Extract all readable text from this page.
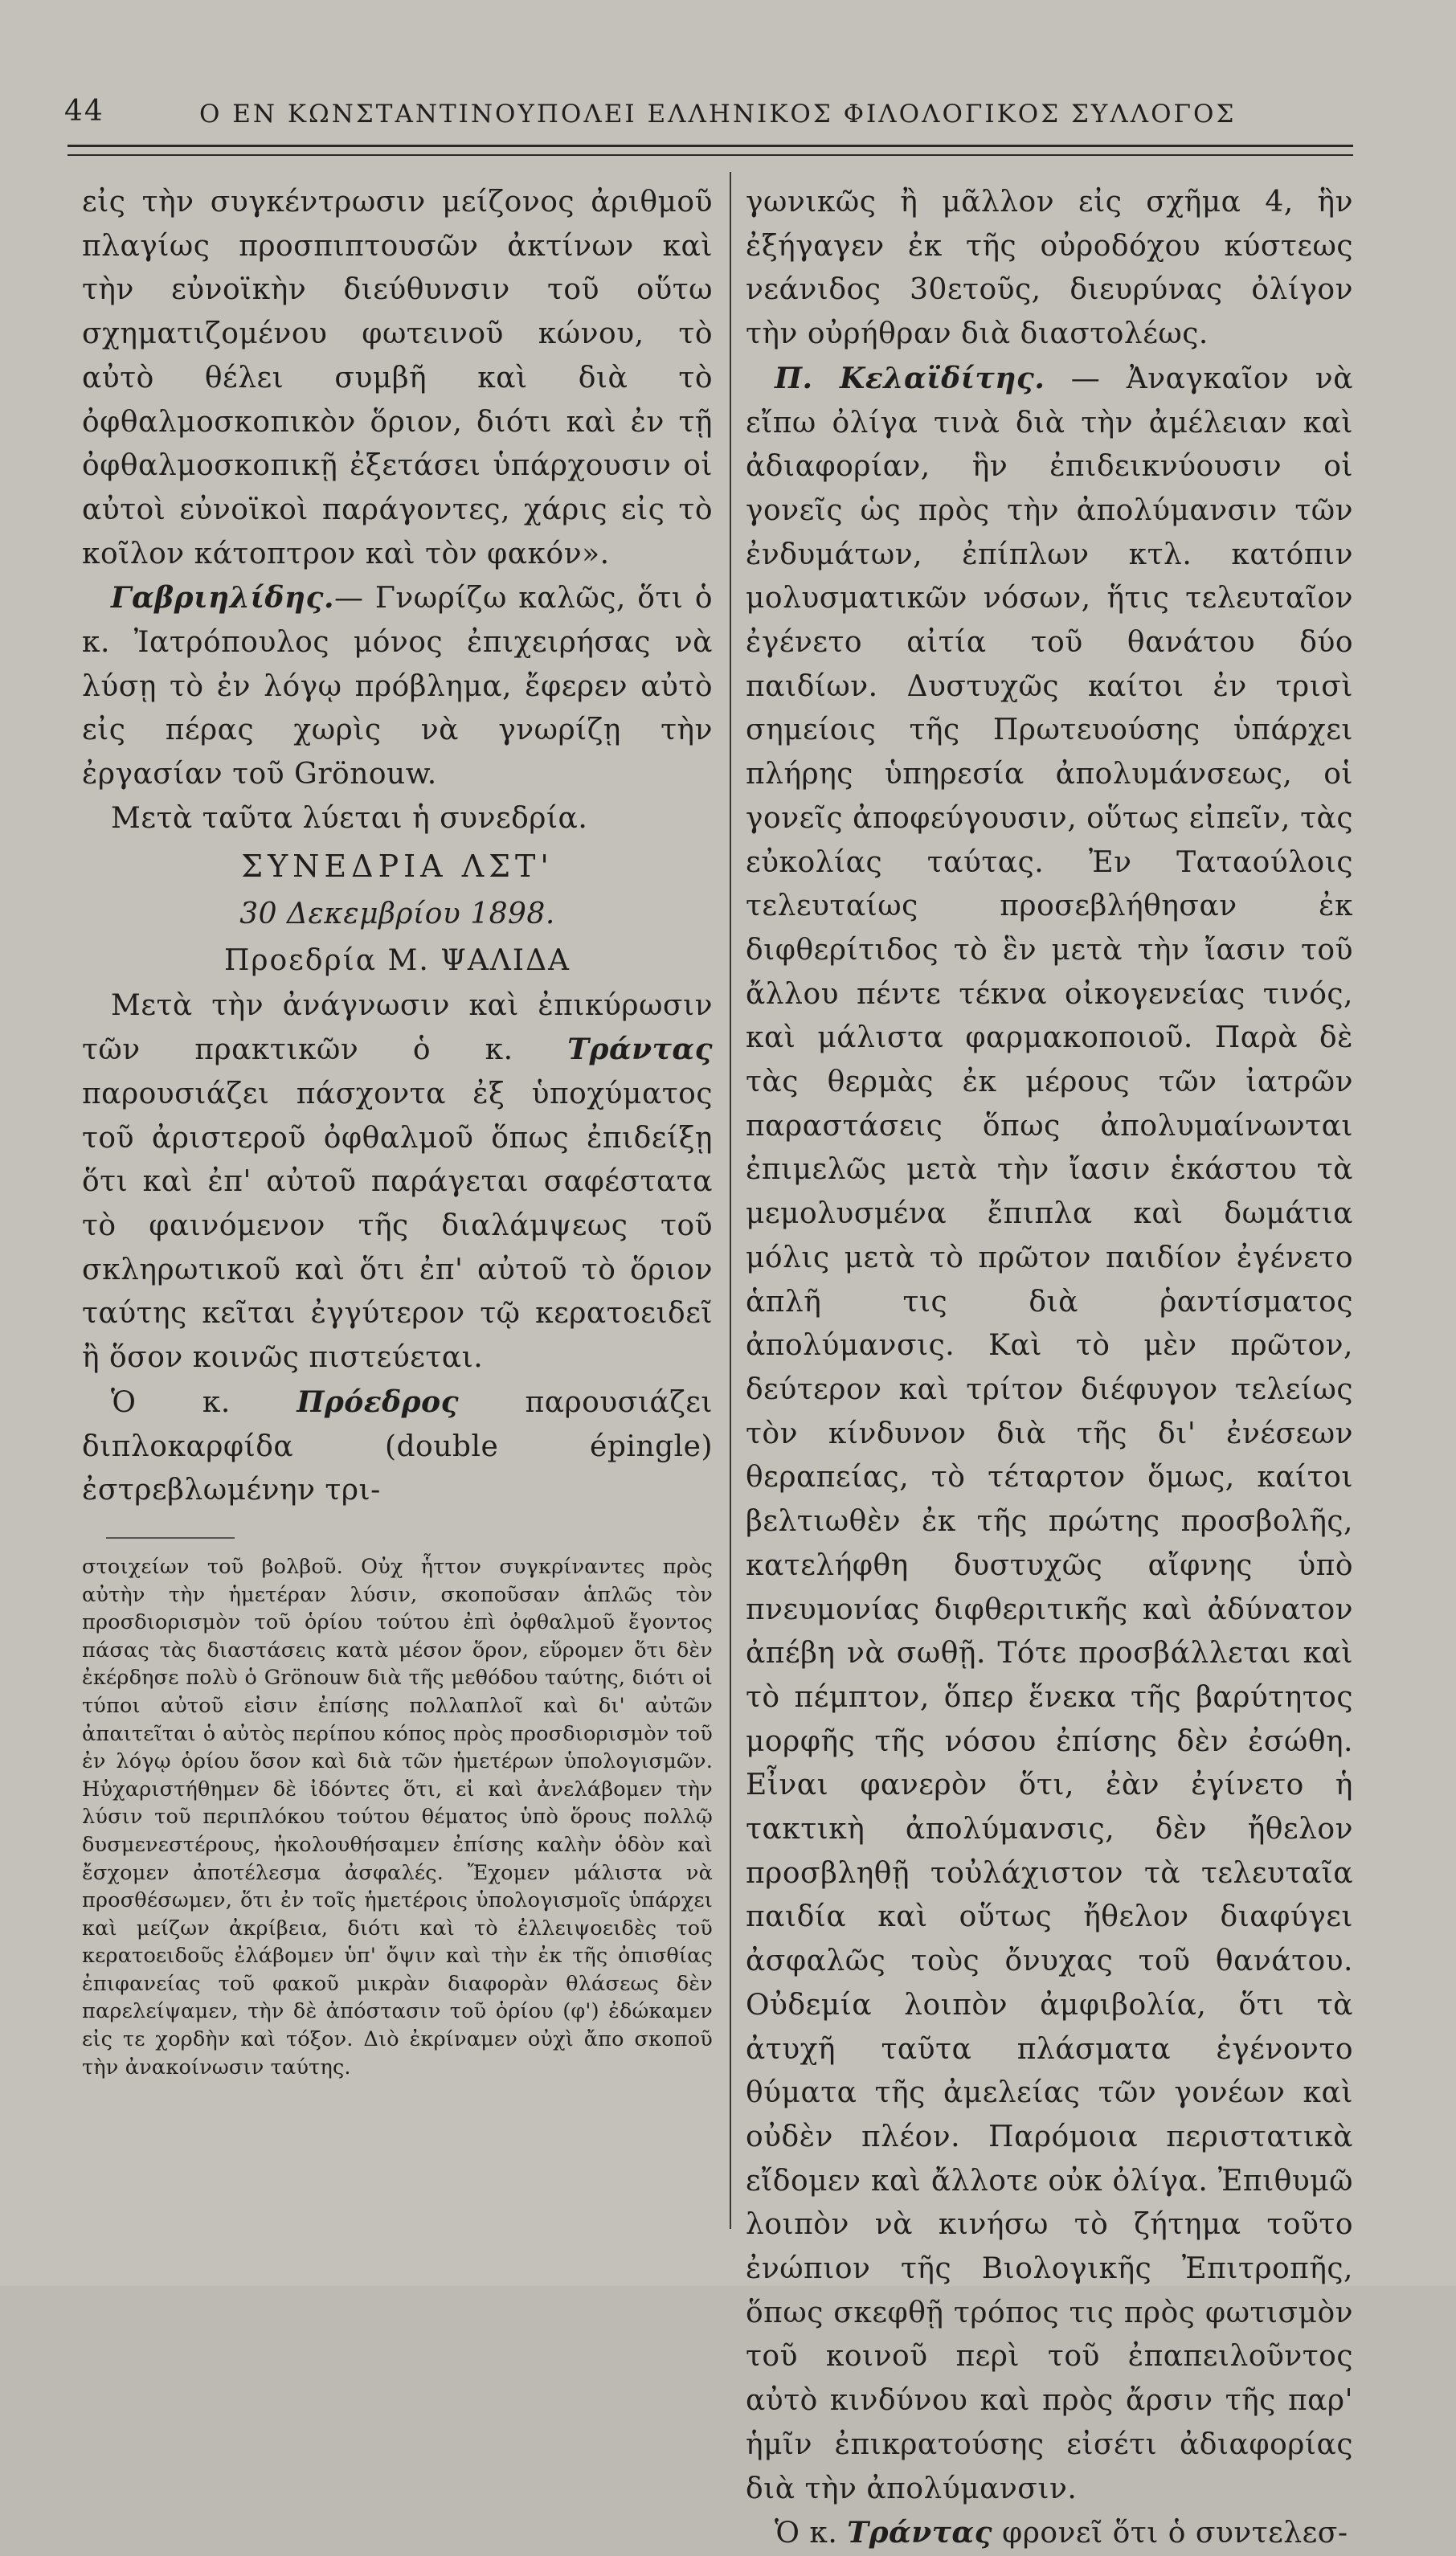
44	Ο ΕΝ ΚΩΝΣΤΑΝΤΙΝΟΥΠΟΛΕΙ ΕΛΛΗΝΙΚΟΣ ΦΙΛΟΛΟΓΙΚΟΣ ΣΥΛΛΟΓΟΣ

εἰς τὴν συγκέντρωσιν μείζονος ἀριθμοῦ πλαγίως προσπιπτουσῶν ἀκτίνων καὶ τὴν εὐνοϊκὴν διεύθυνσιν τοῦ οὕτω σχηματιζομένου φωτεινοῦ κώνου, τὸ αὐτὸ θέλει συμβῆ καὶ διὰ τὸ ὀφθαλμοσκοπικὸν ὅριον, διότι καὶ ἐν τῇ ὀφθαλμοσκοπικῇ ἐξετάσει ὑπάρχουσιν οἱ αὐτοὶ εὐνοϊκοὶ παράγοντες, χάρις εἰς τὸ κοῖλον κάτοπτρον καὶ τὸν φακόν».

Γαβριηλίδης.— Γνωρίζω καλῶς, ὅτι ὁ κ. Ἰατρόπουλος μόνος ἐπιχειρήσας νὰ λύσῃ τὸ ἐν λόγῳ πρόβλημα, ἔφερεν αὐτὸ εἰς πέρας χωρὶς νὰ γνωρίζῃ τὴν ἐργασίαν τοῦ Grönouw.

Μετὰ ταῦτα λύεται ἡ συνεδρία.

ΣΥΝΕΔΡΙΑ ΛΣΤ'

30 Δεκεμβρίου 1898.

Προεδρία Μ. ΨΑΛΙΔΑ

Μετὰ τὴν ἀνάγνωσιν καὶ ἐπικύρωσιν τῶν πρακτικῶν ὁ κ. Τράντας παρουσιάζει πάσχοντα ἐξ ὑποχύματος τοῦ ἀριστεροῦ ὀφθαλμοῦ ὅπως ἐπιδείξῃ ὅτι καὶ ἐπ' αὐτοῦ παράγεται σαφέστατα τὸ φαινόμενον τῆς διαλάμψεως τοῦ σκληρωτικοῦ καὶ ὅτι ἐπ' αὐτοῦ τὸ ὅριον ταύτης κεῖται ἐγγύτερον τῷ κερατοειδεῖ ἢ ὅσον κοινῶς πιστεύεται.

Ὁ κ. Πρόεδρος παρουσιάζει διπλοκαρφίδα (double épingle) ἐστρεβλωμένην τρι-

στοιχείων τοῦ βολβοῦ. Οὐχ ἧττον συγκρίναντες πρὸς αὐτὴν τὴν ἡμετέραν λύσιν, σκοποῦσαν ἁπλῶς τὸν προσδιορισμὸν τοῦ ὁρίου τούτου ἐπὶ ὀφθαλμοῦ ἔγοντος πάσας τὰς διαστάσεις κατὰ μέσον ὅρον, εὕρομεν ὅτι δὲν ἐκέρδησε πολὺ ὁ Grönouw διὰ τῆς μεθόδου ταύτης, διότι οἱ τύποι αὐτοῦ εἰσιν ἐπίσης πολλαπλοῖ καὶ δι' αὐτῶν ἀπαιτεῖται ὁ αὐτὸς περίπου κόπος πρὸς προσδιορισμὸν τοῦ ἐν λόγῳ ὁρίου ὅσον καὶ διὰ τῶν ἡμετέρων ὑπολογισμῶν. Ηὐχαριστήθημεν δὲ ἰδόντες ὅτι, εἰ καὶ ἀνελάβομεν τὴν λύσιν τοῦ περιπλόκου τούτου θέματος ὑπὸ ὅρους πολλῷ δυσμενεστέρους, ἠκολουθήσαμεν ἐπίσης καλὴν ὁδὸν καὶ ἔσχομεν ἀποτέλεσμα ἀσφαλές. Ἔχομεν μάλιστα νὰ προσθέσωμεν, ὅτι ἐν τοῖς ἡμετέροις ὑπολογισμοῖς ὑπάρχει καὶ μείζων ἀκρίβεια, διότι καὶ τὸ ἐλλειψοειδὲς τοῦ κερατοειδοῦς ἐλάβομεν ὑπ' ὄψιν καὶ τὴν ἐκ τῆς ὀπισθίας ἐπιφανείας τοῦ φακοῦ μικρὰν διαφορὰν θλάσεως δὲν παρελείψαμεν, τὴν δὲ ἀπόστασιν τοῦ ὁρίου (φ') ἐδώκαμεν εἰς τε χορδὴν καὶ τόξον. Διὸ ἐκρίναμεν οὐχὶ ἄπο σκοποῦ τὴν ἀνακοίνωσιν ταύτης.

γωνικῶς ἢ μᾶλλον εἰς σχῆμα 4, ἣν ἐξήγαγεν ἐκ τῆς οὐροδόχου κύστεως νεάνιδος 30ετοῦς, διευρύνας ὀλίγον τὴν οὐρήθραν διὰ διαστολέως.

Π. Κελαϊδίτης. — Ἀναγκαῖον νὰ εἴπω ὀλίγα τινὰ διὰ τὴν ἀμέλειαν καὶ ἀδιαφορίαν, ἣν ἐπιδεικνύουσιν οἱ γονεῖς ὡς πρὸς τὴν ἀπολύμανσιν τῶν ἐνδυμάτων, ἐπίπλων κτλ. κατόπιν μολυσματικῶν νόσων, ἥτις τελευταῖον ἐγένετο αἰτία τοῦ θανάτου δύο παιδίων. Δυστυχῶς καίτοι ἐν τρισὶ σημείοις τῆς Πρωτευούσης ὑπάρχει πλήρης ὑπηρεσία ἀπολυμάνσεως, οἱ γονεῖς ἀποφεύγουσιν, οὕτως εἰπεῖν, τὰς εὐκολίας ταύτας. Ἐν Ταταούλοις τελευταίως προσεβλήθησαν ἐκ διφθερίτιδος τὸ ἓν μετὰ τὴν ἴασιν τοῦ ἄλλου πέντε τέκνα οἰκογενείας τινός, καὶ μάλιστα φαρμακοποιοῦ. Παρὰ δὲ τὰς θερμὰς ἐκ μέρους τῶν ἰατρῶν παραστάσεις ὅπως ἀπολυμαίνωνται ἐπιμελῶς μετὰ τὴν ἴασιν ἑκάστου τὰ μεμολυσμένα ἔπιπλα καὶ δωμάτια μόλις μετὰ τὸ πρῶτον παιδίον ἐγένετο ἁπλῆ τις διὰ ῥαντίσματος ἀπολύμανσις. Καὶ τὸ μὲν πρῶτον, δεύτερον καὶ τρίτον διέφυγον τελείως τὸν κίνδυνον διὰ τῆς δι' ἐνέσεων θεραπείας, τὸ τέταρτον ὅμως, καίτοι βελτιωθὲν ἐκ τῆς πρώτης προσβολῆς, κατελήφθη δυστυχῶς αἴφνης ὑπὸ πνευμονίας διφθεριτικῆς καὶ ἀδύνατον ἀπέβη νὰ σωθῇ. Τότε προσβάλλεται καὶ τὸ πέμπτον, ὅπερ ἕνεκα τῆς βαρύτητος μορφῆς τῆς νόσου ἐπίσης δὲν ἐσώθη. Εἶναι φανερὸν ὅτι, ἐὰν ἐγίνετο ἡ τακτικὴ ἀπολύμανσις, δὲν ἤθελον προσβληθῇ τοὐλάχιστον τὰ τελευταῖα παιδία καὶ οὕτως ἤθελον διαφύγει ἀσφαλῶς τοὺς ὄνυχας τοῦ θανάτου. Οὐδεμία λοιπὸν ἀμφιβολία, ὅτι τὰ ἀτυχῆ ταῦτα πλάσματα ἐγένοντο θύματα τῆς ἀμελείας τῶν γονέων καὶ οὐδὲν πλέον. Παρόμοια περιστατικὰ εἴδομεν καὶ ἄλλοτε οὐκ ὀλίγα. Ἐπιθυμῶ λοιπὸν νὰ κινήσω τὸ ζήτημα τοῦτο ἐνώπιον τῆς Βιολογικῆς Ἐπιτροπῆς, ὅπως σκεφθῇ τρόπος τις πρὸς φωτισμὸν τοῦ κοινοῦ περὶ τοῦ ἐπαπειλοῦντος αὐτὸ κινδύνου καὶ πρὸς ἄρσιν τῆς παρ' ἡμῖν ἐπικρατούσης εἰσέτι ἀδιαφορίας διὰ τὴν ἀπολύμανσιν.

Ὁ κ. Τράντας φρονεῖ ὅτι ὁ συντελεσ-
